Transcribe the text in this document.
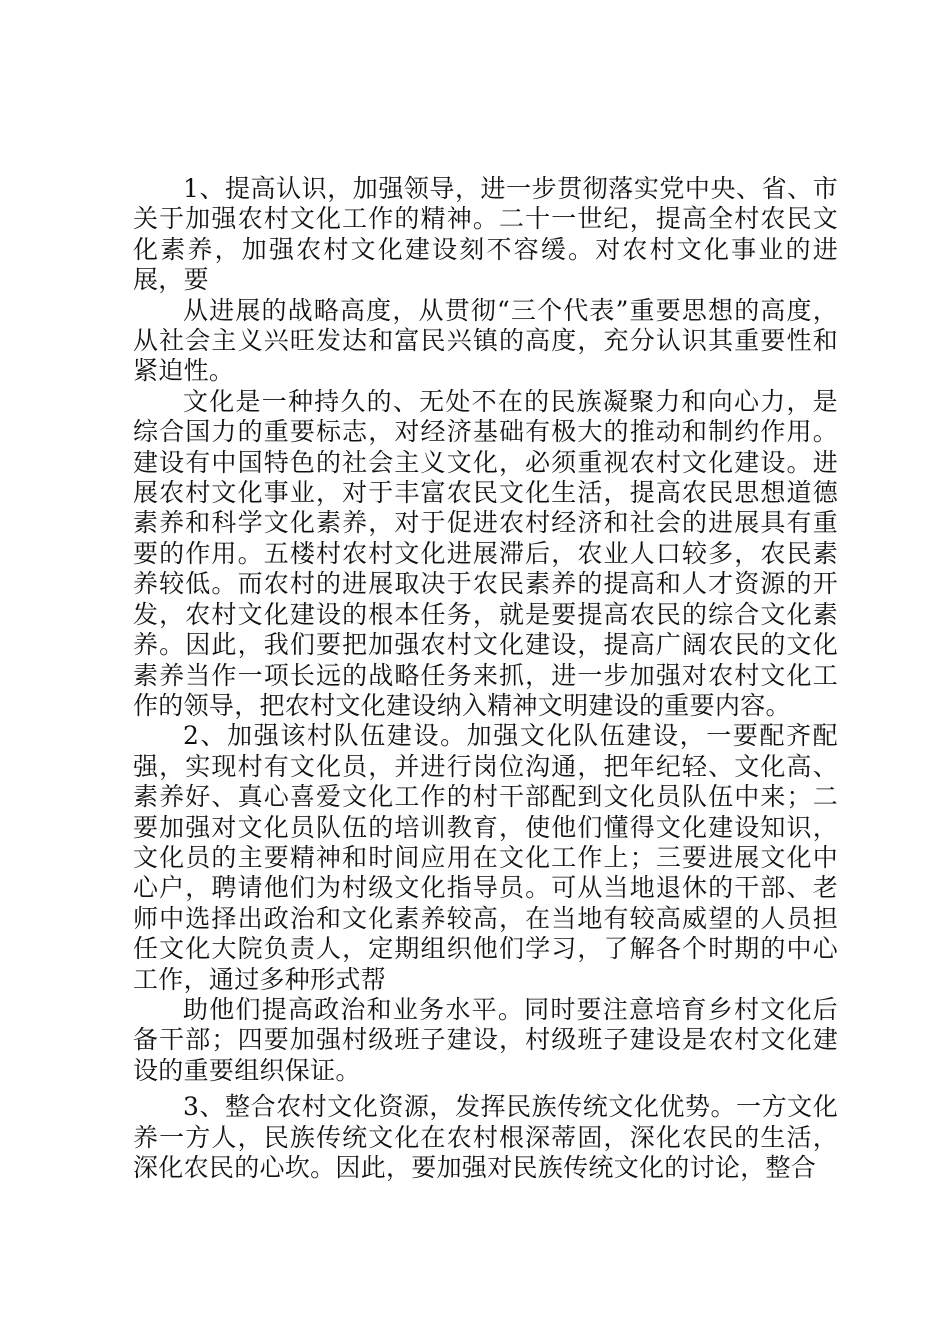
1、提高认识，加强领导，进一步贯彻落实党中央、省、市关于加强农村文化工作的精神。二十一世纪，提高全村农民文化素养，加强农村文化建设刻不容缓。对农村文化事业的进展，要

从进展的战略高度，从贯彻“三个代表”重要思想的高度，从社会主义兴旺发达和富民兴镇的高度，充分认识其重要性和紧迫性。

文化是一种持久的、无处不在的民族凝聚力和向心力，是综合国力的重要标志，对经济基础有极大的推动和制约作用。建设有中国特色的社会主义文化，必须重视农村文化建设。进展农村文化事业，对于丰富农民文化生活，提高农民思想道德素养和科学文化素养，对于促进农村经济和社会的进展具有重要的作用。五楼村农村文化进展滞后，农业人口较多，农民素养较低。而农村的进展取决于农民素养的提高和人才资源的开发，农村文化建设的根本任务，就是要提高农民的综合文化素养。因此，我们要把加强农村文化建设，提高广阔农民的文化素养当作一项长远的战略任务来抓，进一步加强对农村文化工作的领导，把农村文化建设纳入精神文明建设的重要内容。

2、加强该村队伍建设。加强文化队伍建设，一要配齐配强，实现村有文化员，并进行岗位沟通，把年纪轻、文化高、素养好、真心喜爱文化工作的村干部配到文化员队伍中来；二要加强对文化员队伍的培训教育，使他们懂得文化建设知识，文化员的主要精神和时间应用在文化工作上；三要进展文化中心户，聘请他们为村级文化指导员。可从当地退休的干部、老师中选择出政治和文化素养较高，在当地有较高威望的人员担任文化大院负责人，定期组织他们学习，了解各个时期的中心工作，通过多种形式帮

助他们提高政治和业务水平。同时要注意培育乡村文化后备干部；四要加强村级班子建设，村级班子建设是农村文化建设的重要组织保证。

3、整合农村文化资源，发挥民族传统文化优势。一方文化养一方人，民族传统文化在农村根深蒂固，深化农民的生活，深化农民的心坎。因此，要加强对民族传统文化的讨论，整合
